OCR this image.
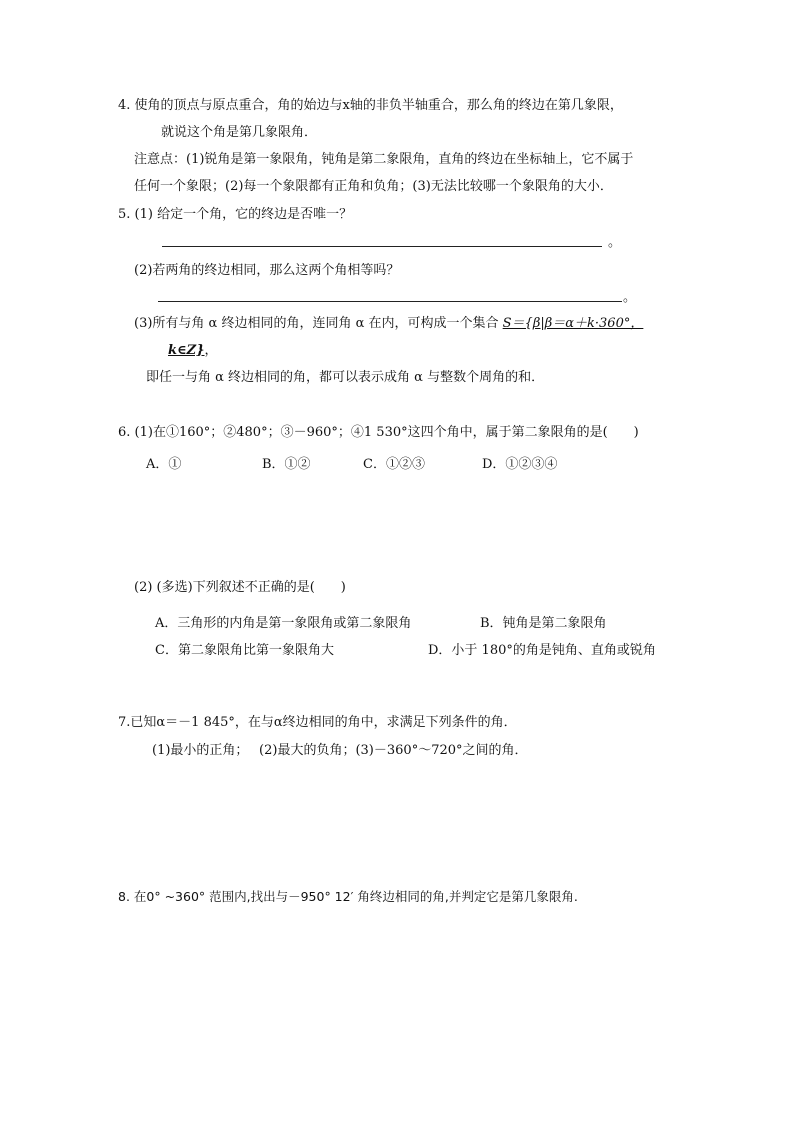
4. 使角的顶点与原点重合，角的始边与x轴的非负半轴重合，那么角的终边在第几象限，
就说这个角是第几象限角．
注意点：(1)锐角是第一象限角，钝角是第二象限角，直角的终边在坐标轴上，它不属于
任何一个象限；(2)每一个象限都有正角和负角；(3)无法比较哪一个象限角的大小．
5. (1) 给定一个角，它的终边是否唯一？
。
(2)若两角的终边相同，那么这两个角相等吗？
。
(3)所有与角 α 终边相同的角，连同角 α 在内，可构成一个集合 S＝{β|β＝α＋k·360°，
k∈Z}，
即任一与角 α 终边相同的角，都可以表示成角 α 与整数个周角的和．
6. (1)在①160°；②480°；③－960°；④1 530°这四个角中，属于第二象限角的是(　　)
A．①	B．①②	C．①②③	D．①②③④
(2) (多选)下列叙述不正确的是(　　)
A．三角形的内角是第一象限角或第二象限角	B．钝角是第二象限角
C．第二象限角比第一象限角大	D．小于 180°的角是钝角、直角或锐角
7.已知α＝－1 845°，在与α终边相同的角中，求满足下列条件的角．
(1)最小的正角；　 (2)最大的负角；(3)－360°～720°之间的角．
8. 在0° ~360° 范围内,找出与－950° 12′ 角终边相同的角,并判定它是第几象限角.
